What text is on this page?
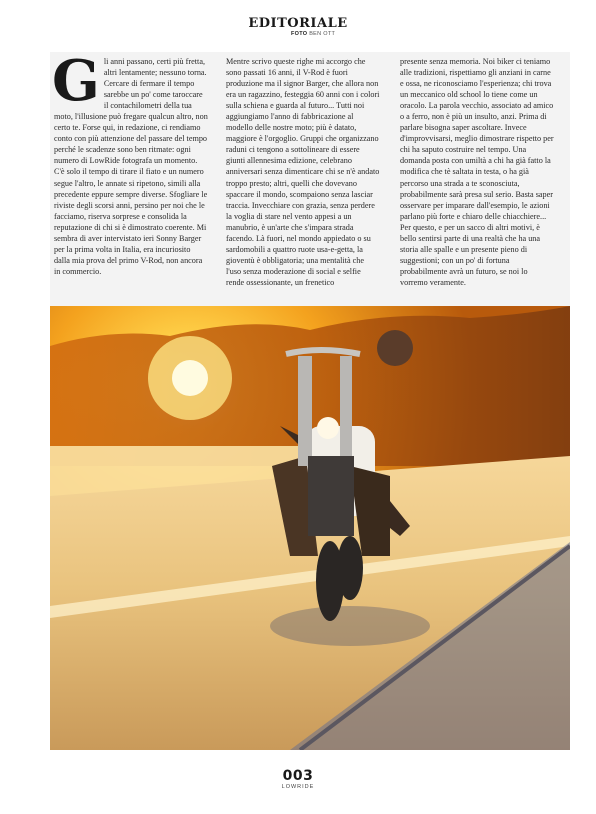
EDITORIALE
FOTO BEN OTT
G li anni passano, certi più fretta, altri lentamente; nessuno torna. Cercare di fermare il tempo sarebbe un po' come taroccare il contachilometri della tua moto, l'illusione può fregare qualcun altro, non certo te. Forse qui, in redazione, ci rendiamo conto con più attenzione del passare del tempo perché le scadenze sono ben ritmate: ogni numero di LowRide fotografa un momento. C'è solo il tempo di tirare il fiato e un numero segue l'altro, le annate si ripetono, simili alla precedente eppure sempre diverse. Sfogliare le riviste degli scorsi anni, persino per noi che le facciamo, riserva sorprese e consolida la reputazione di chi si è dimostrato coerente. Mi sembra di aver intervistato ieri Sonny Barger per la prima volta in Italia, era incuriosito dalla mia prova del primo V-Rod, non ancora in commercio.
Mentre scrivo queste righe mi accorgo che sono passati 16 anni, il V-Rod è fuori produzione ma il signor Barger, che allora non era un ragazzino, festeggia 60 anni con i colori sulla schiena e guarda al futuro... Tutti noi aggiungiamo l'anno di fabbricazione al modello delle nostre moto; più è datato, maggiore è l'orgoglio. Gruppi che organizzano raduni ci tengono a sottolineare di essere giunti allennesima edizione, celebrano anniversari senza dimenticare chi se n'è andato troppo presto; altri, quelli che dovevano spaccare il mondo, scompaiono senza lasciar traccia. Invecchiare con grazia, senza perdere la voglia di stare nel vento appesi a un manubrio, è un'arte che s'impara strada facendo. Là fuori, nel mondo appiedato o su sardomobili a quattro ruote usa-e-getta, la gioventù è obbligatoria; una mentalità che l'uso senza moderazione di social e selfie rende ossessionante, un frenetico
presente senza memoria. Noi biker ci teniamo alle tradizioni, rispettiamo gli anziani in carne e ossa, ne riconosciamo l'esperienza; chi trova un meccanico old school lo tiene come un oracolo. La parola vecchio, associato ad amico o a ferro, non è più un insulto, anzi. Prima di parlare bisogna saper ascoltare. Invece d'improvvisarsi, meglio dimostrare rispetto per chi ha saputo costruire nel tempo. Una domanda posta con umiltà a chi ha già fatto la modifica che tè saltata in testa, o ha già percorso una strada a te sconosciuta, probabilmente sarà presa sul serio. Basta saper osservare per imparare dall'esempio, le azioni parlano più forte e chiaro delle chiacchiere... Per questo, e per un sacco di altri motivi, è bello sentirsi parte di una realtà che ha una storia alle spalle e un presente pieno di suggestioni; con un po' di fortuna probabilmente avrà un futuro, se noi lo vorremo veramente.
003
LOWRIDE
